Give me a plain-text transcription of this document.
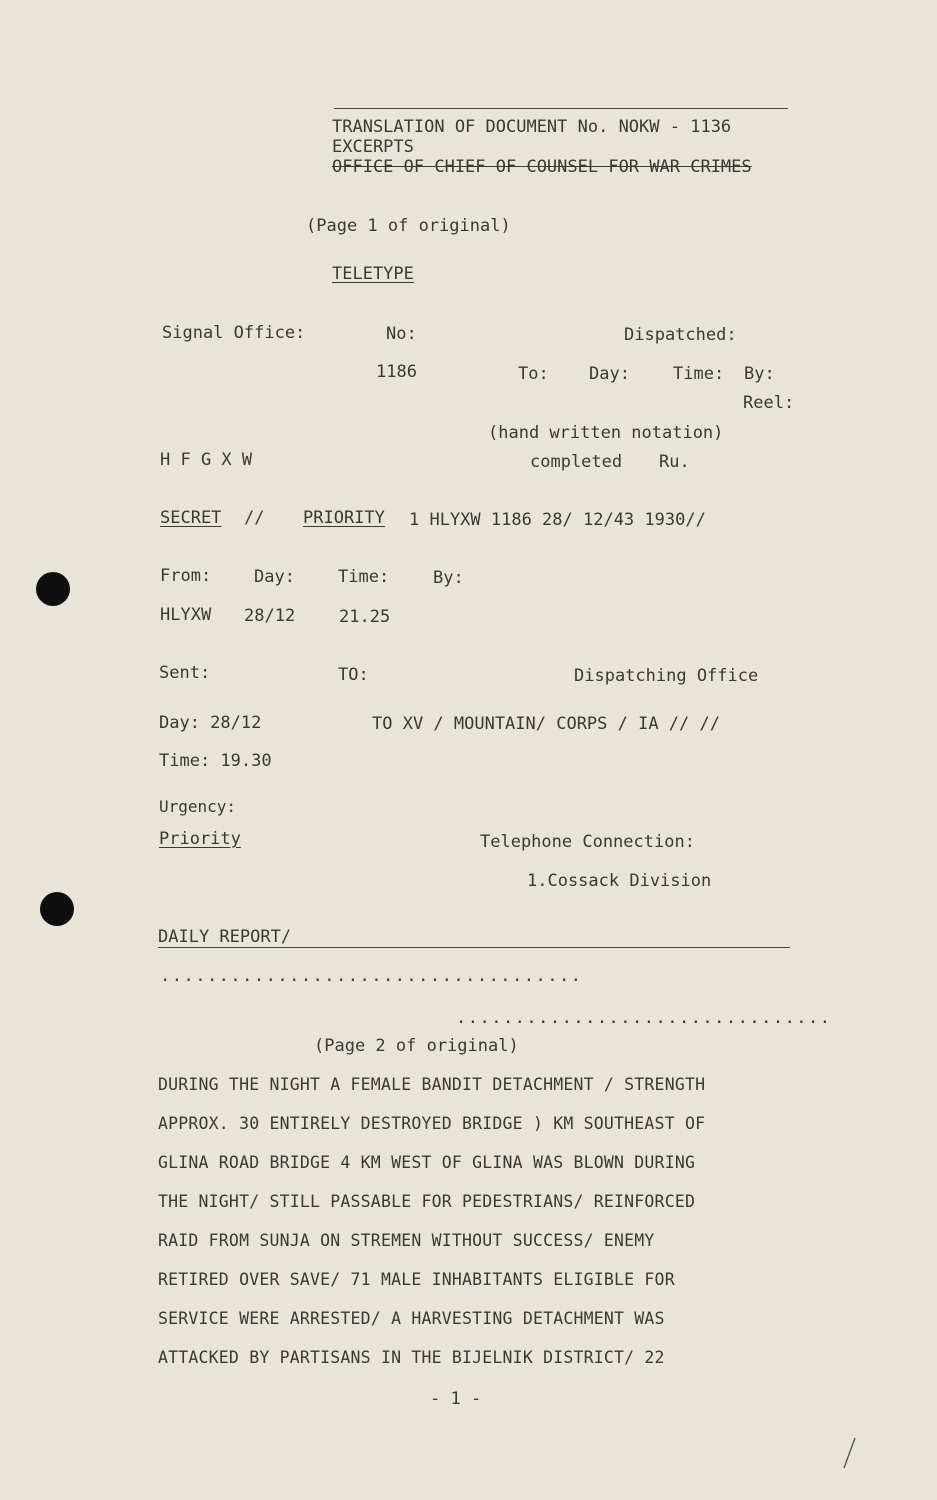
TRANSLATION OF DOCUMENT No. NOKW - 1136
EXCERPTS
OFFICE OF CHIEF OF COUNSEL FOR WAR CRIMES
(Page 1 of original)
TELETYPE
Signal Office:	No:	Dispatched:
1186	To: Day:	Time: By:
Reel:
(hand written notation)
completed Ru.
H F G X W
SECRET // PRIORITY 1 HLYXW 1186 28/ 12/43 1930//
From:	Day:	Time:	By:
HLYXW 28/12	21.25
Sent:	TO:	Dispatching Office
Day: 28/12	TO XV / MOUNTAIN/ CORPS / IA // //
Time: 19.30
Urgency:
Priority	Telephone Connection:
1.Cossack Division
DAILY REPORT/
....................................
................................
(Page 2 of original)
DURING THE NIGHT A FEMALE BANDIT DETACHMENT / STRENGTH
APPROX. 30 ENTIRELY DESTROYED BRIDGE ) KM SOUTHEAST OF
GLINA ROAD BRIDGE 4 KM WEST OF GLINA WAS BLOWN DURING
THE NIGHT/ STILL PASSABLE FOR PEDESTRIANS/ REINFORCED
RAID FROM SUNJA ON STREMEN WITHOUT SUCCESS/ ENEMY
RETIRED OVER SAVE/ 71 MALE INHABITANTS ELIGIBLE FOR
SERVICE WERE ARRESTED/ A HARVESTING DETACHMENT WAS
ATTACKED BY PARTISANS IN THE BIJELNIK DISTRICT/ 22
- 1 -
